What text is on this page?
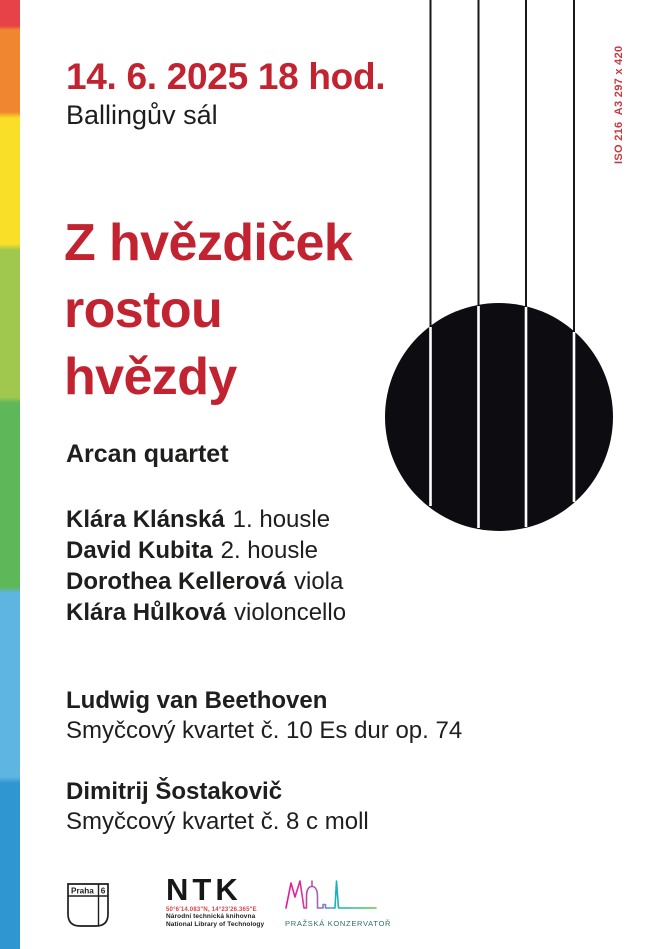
ISO 216  A3 297 x 420
14. 6. 2025 18 hod.
Ballingův sál
Z hvězdiček
rostou
hvězdy
Arcan quartet
Klára Klánská 1. housle
David Kubita 2. housle
Dorothea Kellerová viola
Klára Hůlková violoncello
Ludwig van Beethoven
Smyčcový kvartet č. 10 Es dur op. 74
Dimitrij Šostakovič
Smyčcový kvartet č. 8 c moll
Praha 6 NTK
50°6'14.083"N, 14°23'26.365"E
Národní technická knihovna
National Library of Technology	PRAŽSKÁ KONZERVATOŘ
